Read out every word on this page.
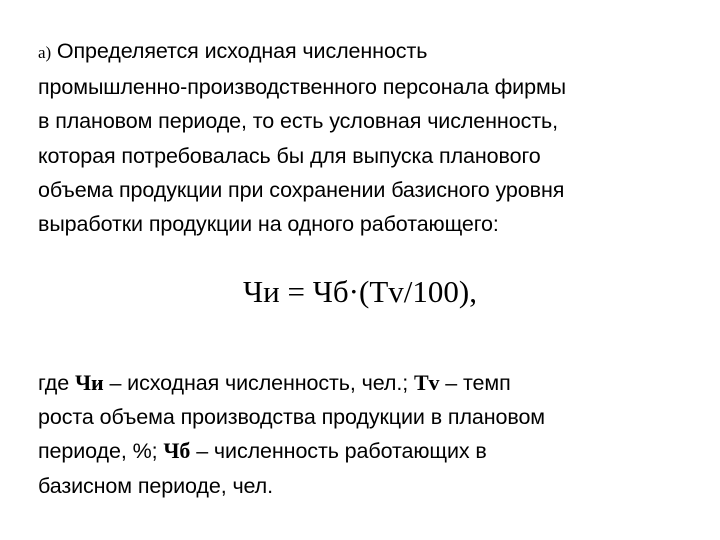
а) Определяется исходная численность
промышленно-производственного персонала фирмы
в плановом периоде, то есть условная численность,
которая потребовалась бы для выпуска планового
объема продукции при сохранении базисного уровня
выработки продукции на одного работающего:
Чи = Чб·(Tv/100),
где Чи – исходная численность, чел.; Tv – темп
роста объема производства продукции в плановом
периоде, %; Чб – численность работающих в
базисном периоде, чел.
